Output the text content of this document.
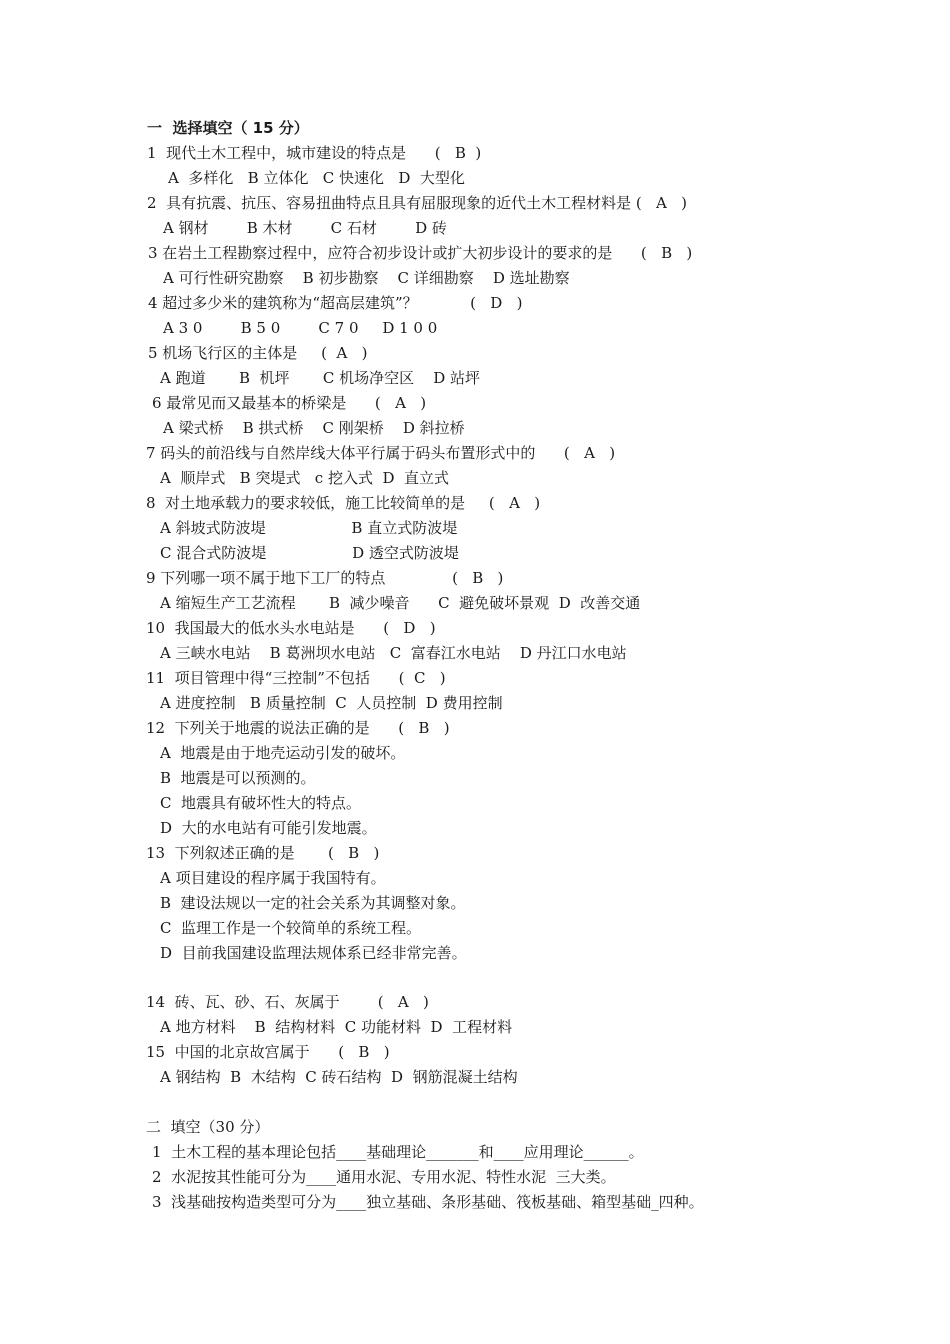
一  选择填空（ 15 分）
1  现代土木工程中，城市建设的特点是      (   B  )
A  多样化   B 立体化   C 快速化   D  大型化
2  具有抗震、抗压、容易扭曲特点且具有屈服现象的近代土木工程材料是 (   A   )
A 钢材        B 木材        C 石材        D 砖
3 在岩土工程勘察过程中，应符合初步设计或扩大初步设计的要求的是      (   B   )
A 可行性研究勘察    B 初步勘察    C 详细勘察    D 选址勘察
4 超过多少米的建筑称为“超高层建筑”？           (   D   )
A 3 0        B 5 0        C 7 0     D 1 0 0
5 机场飞行区的主体是     (  A   )
A 跑道       B  机坪       C 机场净空区    D 站坪
6 最常见而又最基本的桥梁是      (   A   )
A 梁式桥    B 拱式桥    C 刚架桥    D 斜拉桥
7 码头的前沿线与自然岸线大体平行属于码头布置形式中的      (   A   )
A  顺岸式   B 突堤式   c 挖入式  D  直立式
8  对土地承载力的要求较低，施工比较简单的是     (   A   )
A 斜坡式防波堤                  B 直立式防波堤
C 混合式防波堤                  D 透空式防波堤
9 下列哪一项不属于地下工厂的特点              (   B   )
A 缩短生产工艺流程       B  减少噪音      C  避免破坏景观  D  改善交通
10  我国最大的低水头水电站是      (   D   )
A 三峡水电站    B 葛洲坝水电站   C  富春江水电站    D 丹江口水电站
11  项目管理中得“三控制”不包括      (  C   )
A 进度控制   B 质量控制  C  人员控制  D 费用控制
12  下列关于地震的说法正确的是      (   B   )
A  地震是由于地壳运动引发的破坏。
B  地震是可以预测的。
C  地震具有破坏性大的特点。
D  大的水电站有可能引发地震。
13  下列叙述正确的是       (   B   )
A 项目建设的程序属于我国特有。
B  建设法规以一定的社会关系为其调整对象。
C  监理工作是一个较简单的系统工程。
D  目前我国建设监理法规体系已经非常完善。
14  砖、瓦、砂、石、灰属于        (   A   )
A 地方材料    B  结构材料  C 功能材料  D  工程材料
15  中国的北京故宫属于      (   B   )
A 钢结构  B  木结构  C 砖石结构  D  钢筋混凝土结构
二  填空（30 分）
1  土木工程的基本理论包括____基础理论_______和____应用理论______。
2  水泥按其性能可分为____通用水泥、专用水泥、特性水泥  三大类。
3  浅基础按构造类型可分为____独立基础、条形基础、筏板基础、箱型基础_四种。
